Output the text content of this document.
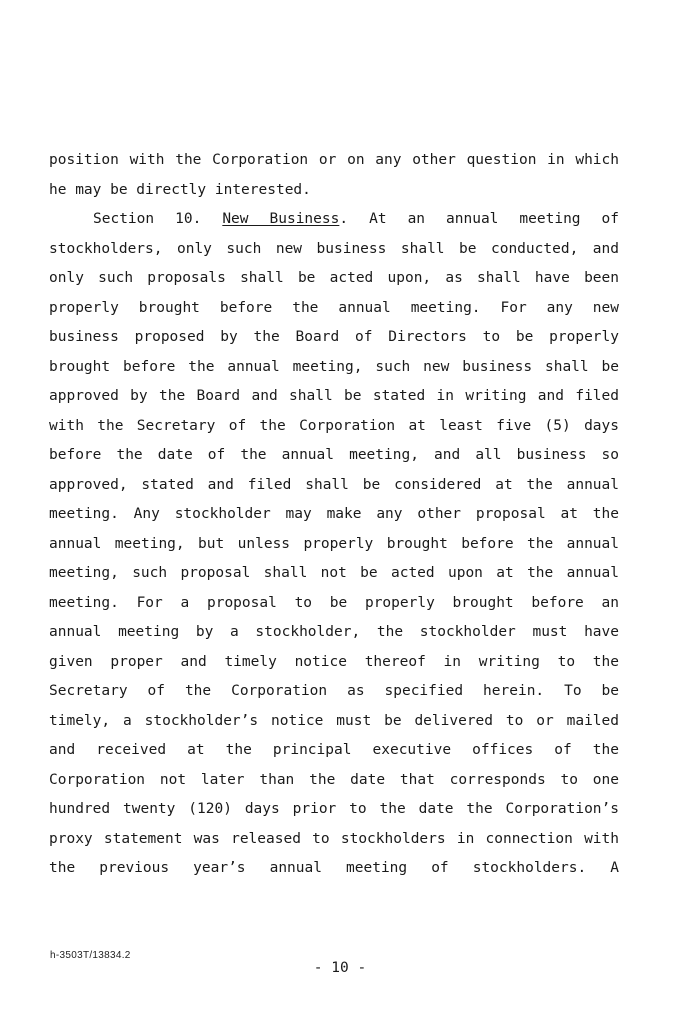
position with the Corporation or on any other question in which
he may be directly interested.
Section 10. New Business. At an annual meeting of
stockholders, only such new business shall be conducted, and
only such proposals shall be acted upon, as shall have been
properly brought before the annual meeting. For any new
business proposed by the Board of Directors to be properly
brought before the annual meeting, such new business shall be
approved by the Board and shall be stated in writing and filed
with the Secretary of the Corporation at least five (5) days
before the date of the annual meeting, and all business so
approved, stated and filed shall be considered at the annual
meeting. Any stockholder may make any other proposal at the
annual meeting, but unless properly brought before the annual
meeting, such proposal shall not be acted upon at the annual
meeting. For a proposal to be properly brought before an
annual meeting by a stockholder, the stockholder must have
given proper and timely notice thereof in writing to the
Secretary of the Corporation as specified herein. To be
timely, a stockholder’s notice must be delivered to or mailed
and received at the principal executive offices of the
Corporation not later than the date that corresponds to one
hundred twenty (120) days prior to the date the Corporation’s
proxy statement was released to stockholders in connection with
the previous year’s annual meeting of stockholders. A
h-3503T/13834.2
- 10 -
